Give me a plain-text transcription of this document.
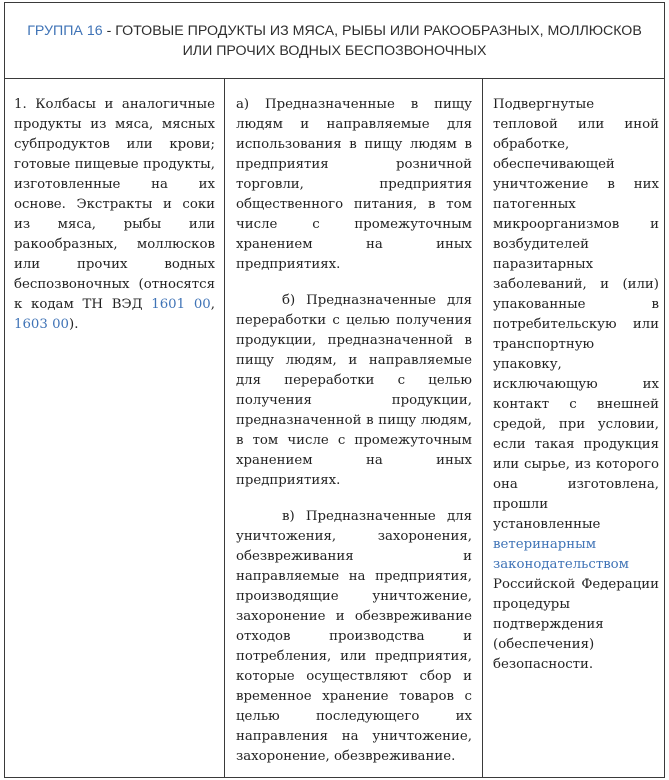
ГРУППА 16 - ГОТОВЫЕ ПРОДУКТЫ ИЗ МЯСА, РЫБЫ ИЛИ РАКООБРАЗНЫХ, МОЛЛЮСКОВ ИЛИ ПРОЧИХ ВОДНЫХ БЕСПОЗВОНОЧНЫХ

1. Колбасы и аналогичные продукты из мяса, мясных субпродуктов или крови; готовые пищевые продукты, изготовленные на их основе. Экстракты и соки из мяса, рыбы или ракообразных, моллюсков или прочих водных беспозвоночных (относятся к кодам ТН ВЭД 1601 00, 1603 00).

а) Предназначенные в пищу людям и направляемые для использования в пищу людям в предприятия розничной торговли, предприятия общественного питания, в том числе с промежуточным хранением на иных предприятиях.

б) Предназначенные для переработки с целью получения продукции, предназначенной в пищу людям, и направляемые для переработки с целью получения продукции, предназначенной в пищу людям, в том числе с промежуточным хранением на иных предприятиях.

в) Предназначенные для уничтожения, захоронения, обезвреживания и направляемые на предприятия, производящие уничтожение, захоронение и обезвреживание отходов производства и потребления, или предприятия, которые осуществляют сбор и временное хранение товаров с целью последующего их направления на уничтожение, захоронение, обезвреживание.

Подвергнутые тепловой или иной обработке, обеспечивающей уничтожение в них патогенных микроорганизмов и возбудителей паразитарных заболеваний, и (или) упакованные в потребительскую или транспортную упаковку, исключающую их контакт с внешней средой, при условии, если такая продукция или сырье, из которого она изготовлена, прошли установленные ветеринарным законодательством Российской Федерации процедуры подтверждения (обеспечения) безопасности.
